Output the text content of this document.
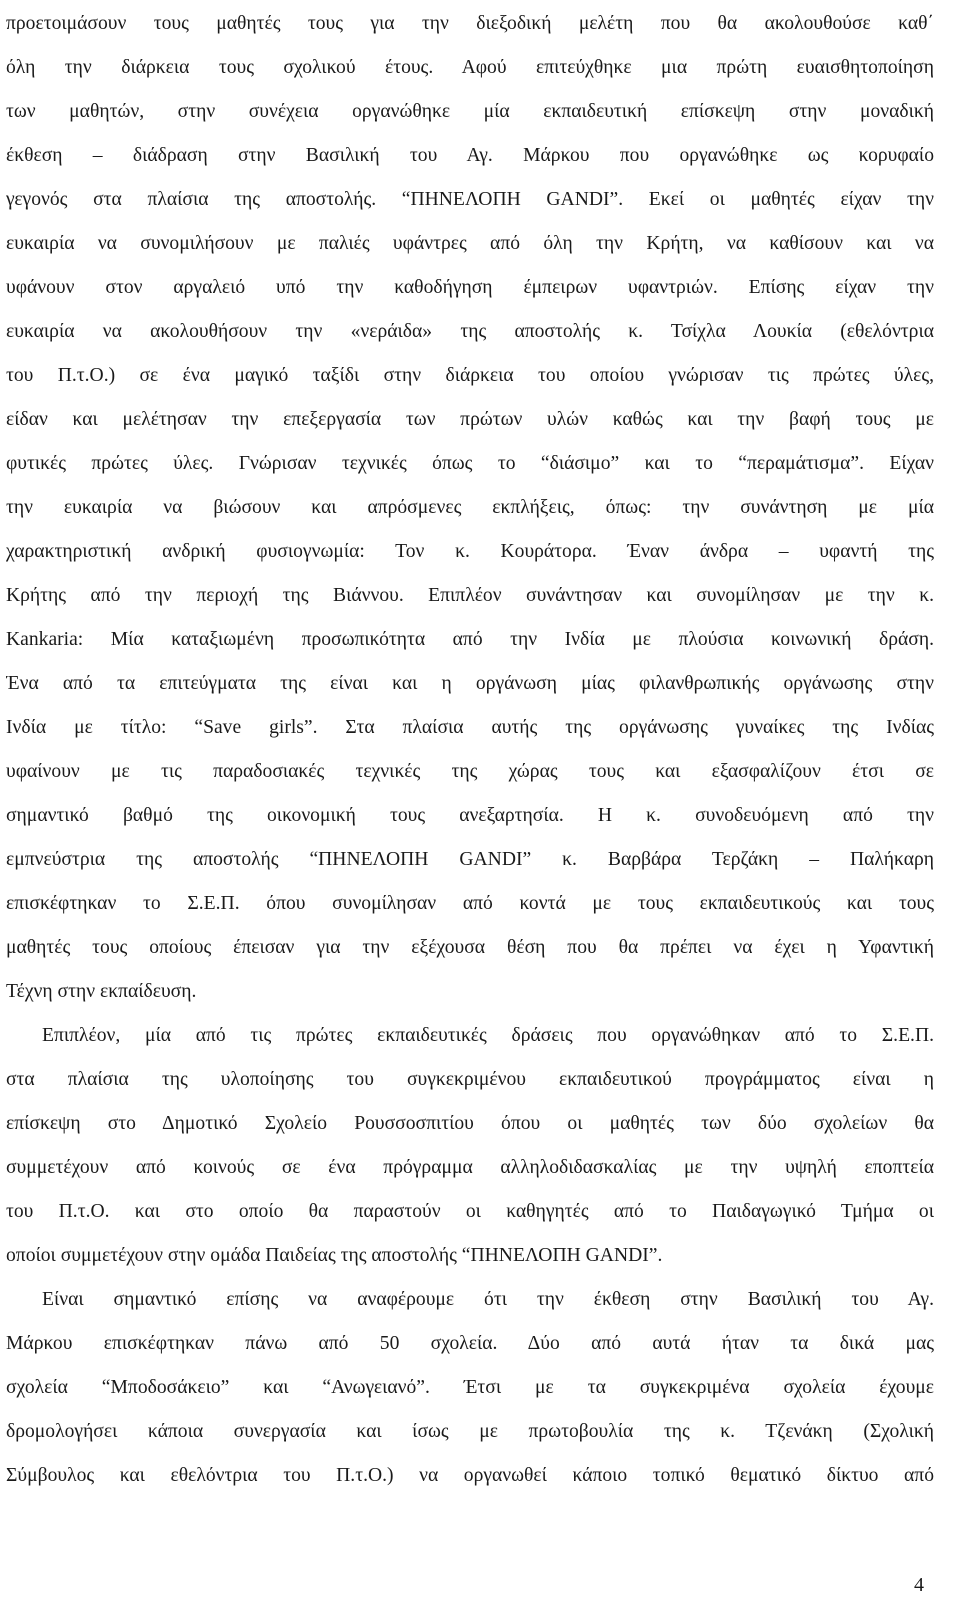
προετοιμάσουν τους μαθητές τους για την διεξοδική μελέτη που θα ακολουθούσε καθ΄
όλη την διάρκεια τους σχολικού έτους. Αφού επιτεύχθηκε μια πρώτη ευαισθητοποίηση
των μαθητών, στην συνέχεια οργανώθηκε μία εκπαιδευτική επίσκεψη στην μοναδική
έκθεση – διάδραση στην Βασιλική του Αγ. Μάρκου που οργανώθηκε ως κορυφαίο
γεγονός στα πλαίσια της αποστολής. “ΠΗΝΕΛΟΠΗ GANDI”. Εκεί οι μαθητές είχαν την
ευκαιρία να συνομιλήσουν με παλιές υφάντρες από όλη την Κρήτη, να καθίσουν και να
υφάνουν στον αργαλειό υπό την καθοδήγηση έμπειρων υφαντριών. Επίσης είχαν την
ευκαιρία να ακολουθήσουν την «νεράιδα» της αποστολής κ. Τσίχλα Λουκία (εθελόντρια
του Π.τ.Ο.) σε ένα μαγικό ταξίδι στην διάρκεια του οποίου γνώρισαν τις πρώτες ύλες,
είδαν και μελέτησαν την επεξεργασία των πρώτων υλών καθώς και την βαφή τους με
φυτικές πρώτες ύλες. Γνώρισαν τεχνικές όπως το “διάσιμο” και το “περαμάτισμα”. Είχαν
την ευκαιρία να βιώσουν και απρόσμενες εκπλήξεις, όπως: την συνάντηση με μία
χαρακτηριστική ανδρική φυσιογνωμία: Τον κ. Κουράτορα. Έναν άνδρα – υφαντή της
Κρήτης από την περιοχή της Βιάννου. Επιπλέον συνάντησαν και συνομίλησαν με την κ.
Kankaria: Μία καταξιωμένη προσωπικότητα από την Ινδία με πλούσια κοινωνική δράση.
Ένα από τα επιτεύγματα της είναι και η οργάνωση μίας φιλανθρωπικής οργάνωσης στην
Ινδία με τίτλο: “Save girls”. Στα πλαίσια αυτής της οργάνωσης γυναίκες της Ινδίας
υφαίνουν με τις παραδοσιακές τεχνικές της χώρας τους και εξασφαλίζουν έτσι σε
σημαντικό βαθμό της οικονομική τους ανεξαρτησία. Η κ. συνοδευόμενη από την
εμπνεύστρια της αποστολής “ΠΗΝΕΛΟΠΗ GANDI” κ. Βαρβάρα Τερζάκη – Παλήκαρη
επισκέφτηκαν το Σ.Ε.Π. όπου συνομίλησαν από κοντά με τους εκπαιδευτικούς και τους
μαθητές τους οποίους έπεισαν για την εξέχουσα θέση που θα πρέπει να έχει η Υφαντική
Τέχνη στην εκπαίδευση.
Επιπλέον, μία από τις πρώτες εκπαιδευτικές δράσεις που οργανώθηκαν από το Σ.Ε.Π.
στα πλαίσια της υλοποίησης του συγκεκριμένου εκπαιδευτικού προγράμματος είναι η
επίσκεψη στο Δημοτικό Σχολείο Ρουσσοσπιτίου όπου οι μαθητές των δύο σχολείων θα
συμμετέχουν από κοινούς σε ένα πρόγραμμα αλληλοδιδασκαλίας με την υψηλή εποπτεία
του Π.τ.Ο. και στο οποίο θα παραστούν οι καθηγητές από το Παιδαγωγικό Τμήμα οι
οποίοι συμμετέχουν στην ομάδα Παιδείας της αποστολής “ΠΗΝΕΛΟΠΗ GANDI”.
Είναι σημαντικό επίσης να αναφέρουμε ότι την έκθεση στην Βασιλική του Αγ.
Μάρκου επισκέφτηκαν πάνω από 50 σχολεία. Δύο από αυτά ήταν τα δικά μας
σχολεία “Μποδοσάκειο” και “Ανωγειανό”. Έτσι με τα συγκεκριμένα σχολεία έχουμε
δρομολογήσει κάποια συνεργασία και ίσως με πρωτοβουλία της κ. Τζενάκη (Σχολική
Σύμβουλος και εθελόντρια του Π.τ.Ο.) να οργανωθεί κάποιο τοπικό θεματικό δίκτυο από
4
